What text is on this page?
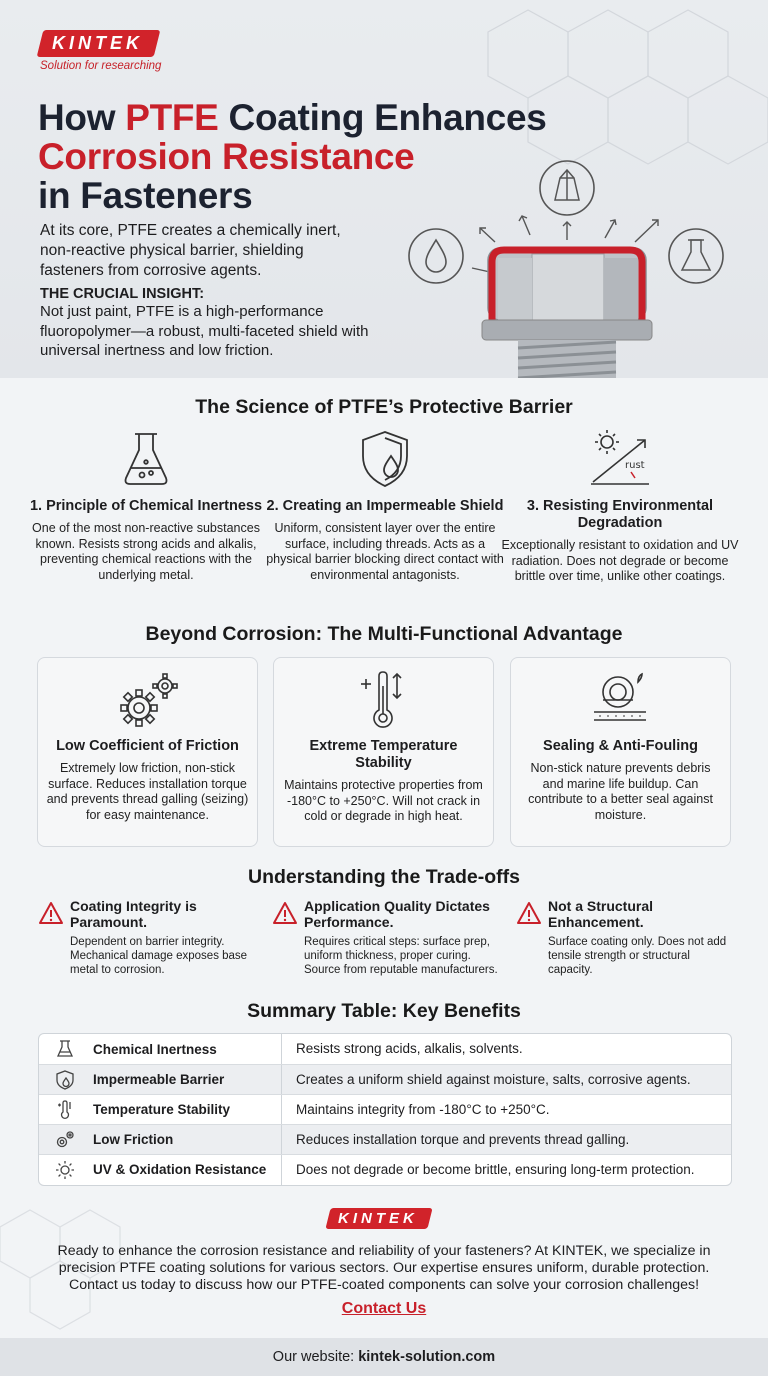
KINTEK
Solution for researching
How PTFE Coating Enhances
Corrosion Resistance
in Fasteners

At its core, PTFE creates a chemically inert, non-reactive physical barrier, shielding fasteners from corrosive agents.

THE CRUCIAL INSIGHT:

Not just paint, PTFE is a high-performance fluoropolymer—a robust, multi-faceted shield with universal inertness and low friction.

The Science of PTFE’s Protective Barrier
1. Principle of Chemical Inertness

One of the most non-reactive substances known. Resists strong acids and alkalis, preventing chemical reactions with the underlying metal.

2. Creating an Impermeable Shield

Uniform, consistent layer over the entire surface, including threads. Acts as a physical barrier blocking direct contact with environmental antagonists.

rust
3. Resisting Environmental Degradation

Exceptionally resistant to oxidation and UV radiation. Does not degrade or become brittle over time, unlike other coatings.

Beyond Corrosion: The Multi-Functional Advantage
Low Coefficient of Friction

Extremely low friction, non-stick surface. Reduces installation torque and prevents thread galling (seizing) for easy maintenance.

Extreme Temperature Stability

Maintains protective properties from -180°C to +250°C. Will not crack in cold or degrade in high heat.

Sealing & Anti-Fouling

Non-stick nature prevents debris and marine life buildup. Can contribute to a better seal against moisture.

Understanding the Trade-offs
Coating Integrity is Paramount.

Dependent on barrier integrity. Mechanical damage exposes base metal to corrosion.

Application Quality Dictates Performance.

Requires critical steps: surface prep, uniform thickness, proper curing. Source from reputable manufacturers.

Not a Structural Enhancement.

Surface coating only. Does not add tensile strength or structural capacity.

Summary Table: Key Benefits
Chemical Inertness	Resists strong acids, alkalis, solvents.
Impermeable Barrier	Creates a uniform shield against moisture, salts, corrosive agents.
Temperature Stability	Maintains integrity from -180°C to +250°C.
Low Friction	Reduces installation torque and prevents thread galling.
UV & Oxidation Resistance	Does not degrade or become brittle, ensuring long-term protection.
KINTEK

Ready to enhance the corrosion resistance and reliability of your fasteners? At KINTEK, we specialize in precision PTFE coating solutions for various sectors. Our expertise ensures uniform, durable protection. Contact us today to discuss how our PTFE-coated components can solve your corrosion challenges!

Contact Us
Our website: kintek-solution.com
